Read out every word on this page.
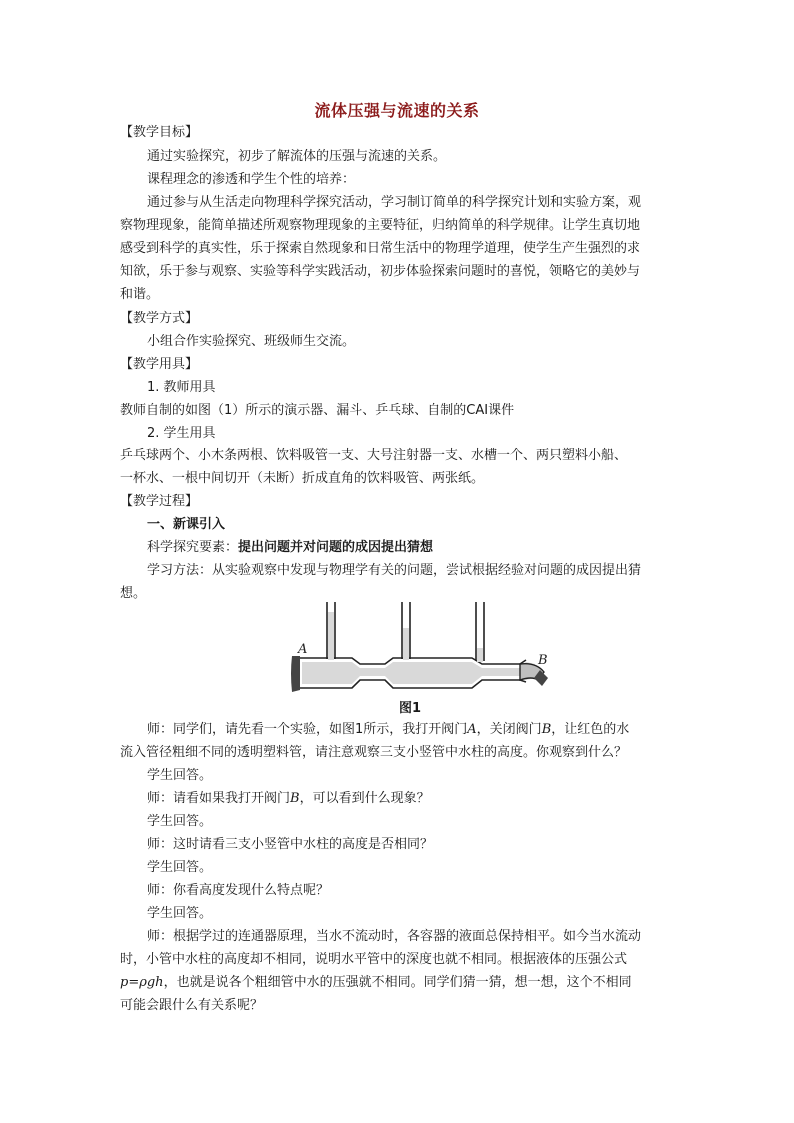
流体压强与流速的关系
【教学目标】
通过实验探究，初步了解流体的压强与流速的关系。
课程理念的渗透和学生个性的培养：
通过参与从生活走向物理科学探究活动，学习制订简单的科学探究计划和实验方案，观
察物理现象，能简单描述所观察物理现象的主要特征，归纳简单的科学规律。让学生真切地
感受到科学的真实性，乐于探索自然现象和日常生活中的物理学道理，使学生产生强烈的求
知欲，乐于参与观察、实验等科学实践活动，初步体验探索问题时的喜悦，领略它的美妙与
和谐。
【教学方式】
小组合作实验探究、班级师生交流。
【教学用具】
1. 教师用具
教师自制的如图（1）所示的演示器、漏斗、乒乓球、自制的CAI课件
2. 学生用具
乒乓球两个、小木条两根、饮料吸管一支、大号注射器一支、水槽一个、两只塑料小船、
一杯水、一根中间切开（未断）折成直角的饮料吸管、两张纸。
【教学过程】
一、新课引入
科学探究要素：提出问题并对问题的成因提出猜想
学习方法：从实验观察中发现与物理学有关的问题，尝试根据经验对问题的成因提出猜
想。
A
B
图1
师：同学们，请先看一个实验，如图1所示，我打开阀门A，关闭阀门B，让红色的水
流入管径粗细不同的透明塑料管，请注意观察三支小竖管中水柱的高度。你观察到什么？
学生回答。
师：请看如果我打开阀门B，可以看到什么现象？
学生回答。
师：这时请看三支小竖管中水柱的高度是否相同？
学生回答。
师：你看高度发现什么特点呢？
学生回答。
师：根据学过的连通器原理，当水不流动时，各容器的液面总保持相平。如今当水流动
时，小管中水柱的高度却不相同，说明水平管中的深度也就不相同。根据液体的压强公式
p=ρgh，也就是说各个粗细管中水的压强就不相同。同学们猜一猜，想一想，这个不相同
可能会跟什么有关系呢？
